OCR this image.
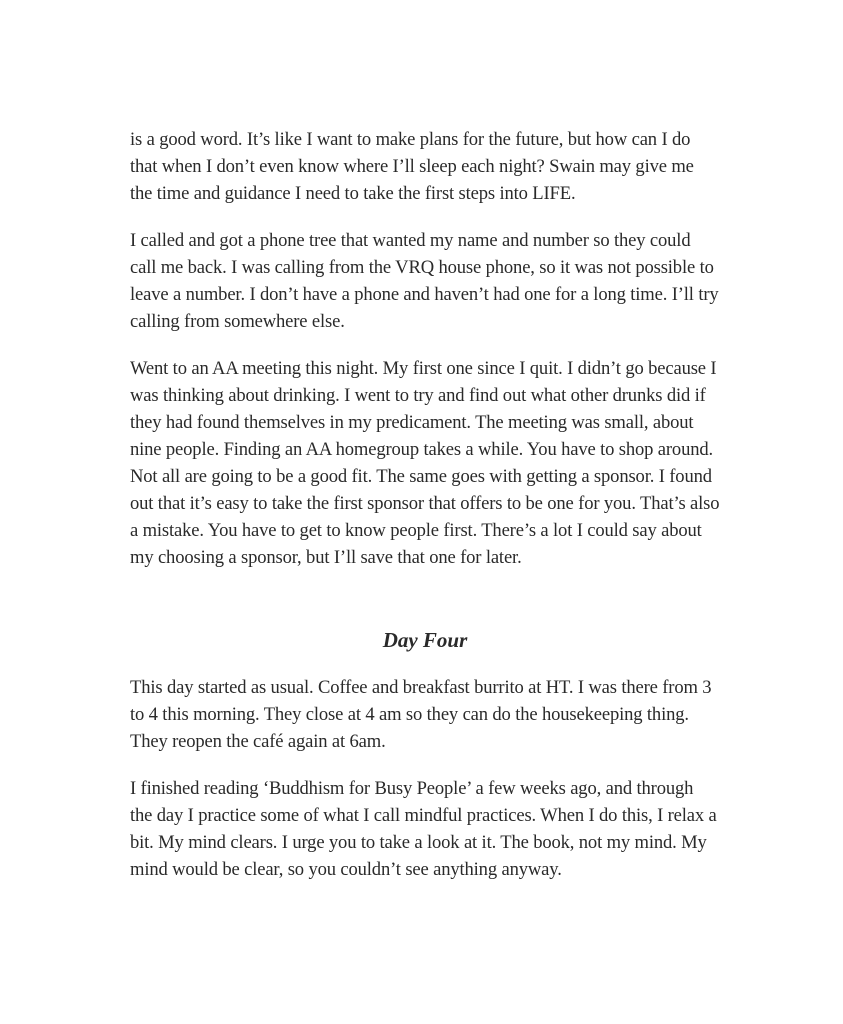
is a good word. It’s like I want to make plans for the future, but how can I do that when I don’t even know where I’ll sleep each night? Swain may give me the time and guidance I need to take the first steps into LIFE.

I called and got a phone tree that wanted my name and number so they could call me back. I was calling from the VRQ house phone, so it was not possible to leave a number. I don’t have a phone and haven’t had one for a long time. I’ll try calling from somewhere else.

Went to an AA meeting this night. My first one since I quit. I didn’t go because I was thinking about drinking. I went to try and find out what other drunks did if they had found themselves in my predicament. The meeting was small, about nine people. Finding an AA homegroup takes a while. You have to shop around. Not all are going to be a good fit. The same goes with getting a sponsor. I found out that it’s easy to take the first sponsor that offers to be one for you. That’s also a mistake. You have to get to know people first. There’s a lot I could say about my choosing a sponsor, but I’ll save that one for later.

Day Four

This day started as usual. Coffee and breakfast burrito at HT. I was there from 3 to 4 this morning. They close at 4 am so they can do the housekeeping thing. They reopen the café again at 6am.

I finished reading ‘Buddhism for Busy People’ a few weeks ago, and through the day I practice some of what I call mindful practices. When I do this, I relax a bit. My mind clears. I urge you to take a look at it. The book, not my mind. My mind would be clear, so you couldn’t see anything anyway.
